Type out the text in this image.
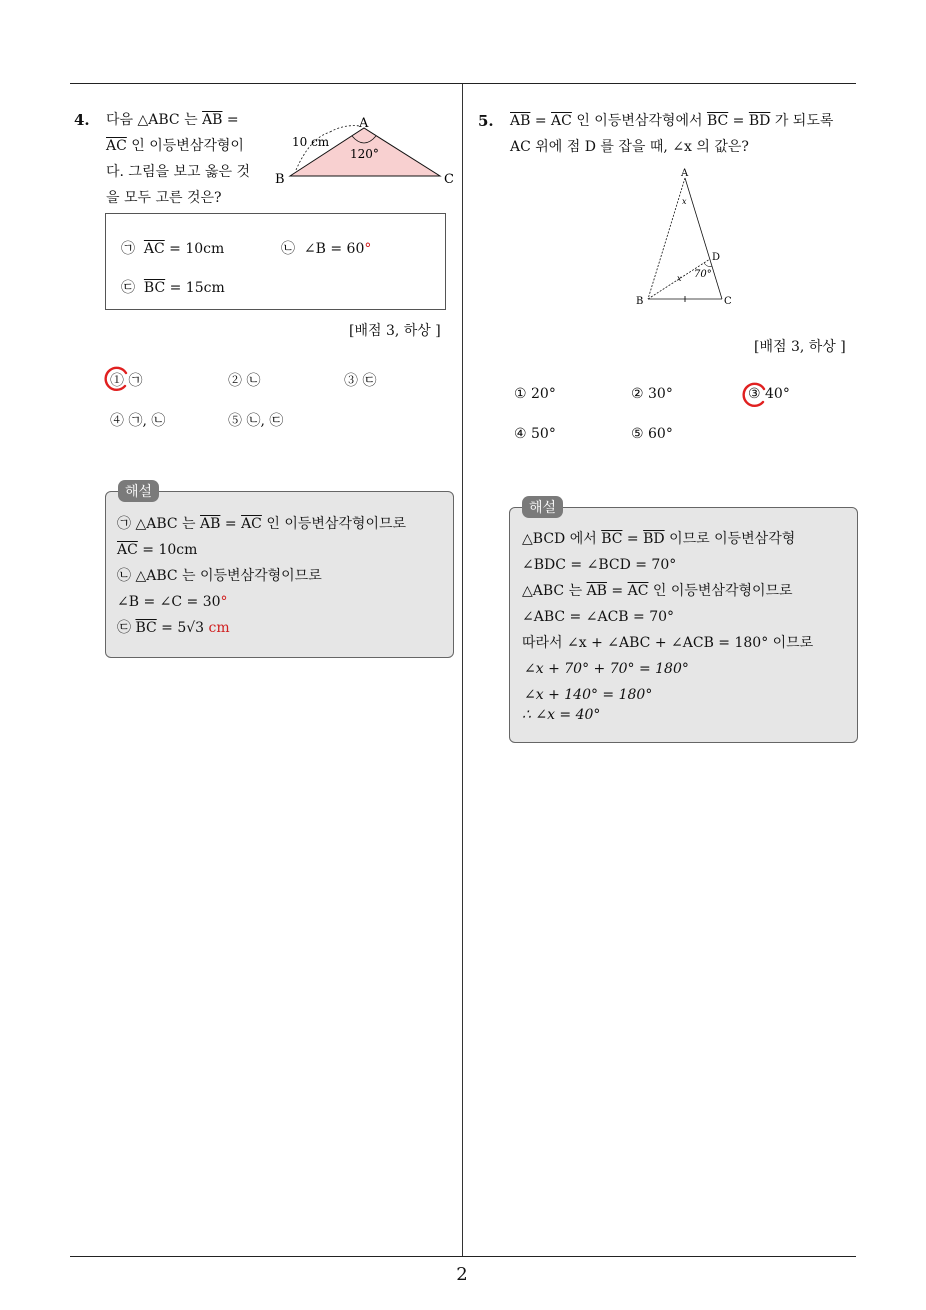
2
4. 다음 △ABC 는 $\overline{AB}$ =
$\overline{AC}$ 인 이등변삼각형이
다. 그림을 보고 옳은 것
을 모두 고른 것은?
A
B	C
10 cm
120°
㉠ $\overline{AC} = 10cm$	㉡ ∠B = 60°
㉢ $\overline{BC} = 15cm$
[배점 3, 하상 ]
① ㉠	② ㉡	③ ㉢
④ ㉠, ㉡	⑤ ㉡, ㉢
㉠ △ABC 는 $\overline{AB} = \overline{AC}$ 인 이등변삼각형이므로
$\overline{AC} = 10cm$
㉡ △ABC 는 이등변삼각형이므로
∠B = ∠C = 30°
㉢ $\overline{BC} = 5√3$ cm
해설
5. $\overline{AB} = \overline{AC}$ 인 이등변삼각형에서 $\overline{BC} = \overline{BD}$ 가 되도록
AC 위에 점 D 를 잡을 때, ∠x 의 값은?
A
B	C
D
x
x 70°
[배점 3, 하상 ]
① 20°	② 30°	③ 40°
④ 50°	⑤ 60°
△BCD 에서 $\overline{BC} = \overline{BD}$ 이므로 이등변삼각형
∠BDC = ∠BCD = 70°
△ABC 는 $\overline{AB} = \overline{AC}$ 인 이등변삼각형이므로
∠ABC = ∠ACB = 70°
따라서 ∠x + ∠ABC + ∠ACB = 180° 이므로
∠x + 70° + 70° = 180°
∠x + 140° = 180°
∴ ∠x = 40°
해설
